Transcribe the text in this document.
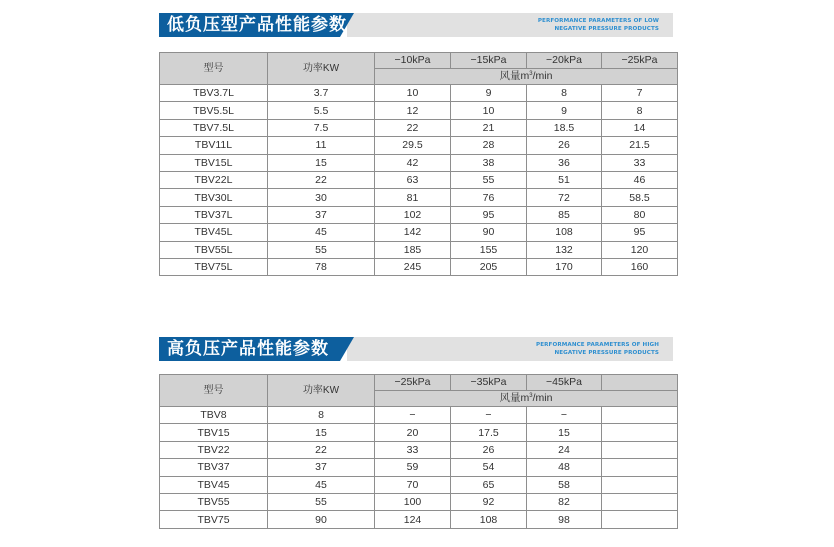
低负压型产品性能参数	PERFORMANCE PARAMETERS OF LOW
NEGATIVE PRESSURE PRODUCTS
型号	功率KW	−10kPa	−15kPa	−20kPa	−25kPa
		风量$m^3/\min$			
TBV3.7L	3.7	10	9	8	7
TBV5.5L	5.5	12	10	9	8
TBV7.5L	7.5	22	21	18.5	14
TBV11L	11	29.5	28	26	21.5
TBV15L	15	42	38	36	33
TBV22L	22	63	55	51	46
TBV30L	30	81	76	72	58.5
TBV37L	37	102	95	85	80
TBV45L	45	142	90	108	95
TBV55L	55	185	155	132	120
TBV75L	78	245	205	170	160
高负压产品性能参数	PERFORMANCE PARAMETERS OF HIGH
NEGATIVE PRESSURE PRODUCTS
型号	功率KW	−25kPa	−35kPa	−45kPa	
		风量$m^3/\min$			
TBV8	8	−	−	−	
TBV15	15	20	17.5	15	
TBV22	22	33	26	24	
TBV37	37	59	54	48	
TBV45	45	70	65	58	
TBV55	55	100	92	82	
TBV75	90	124	108	98	
